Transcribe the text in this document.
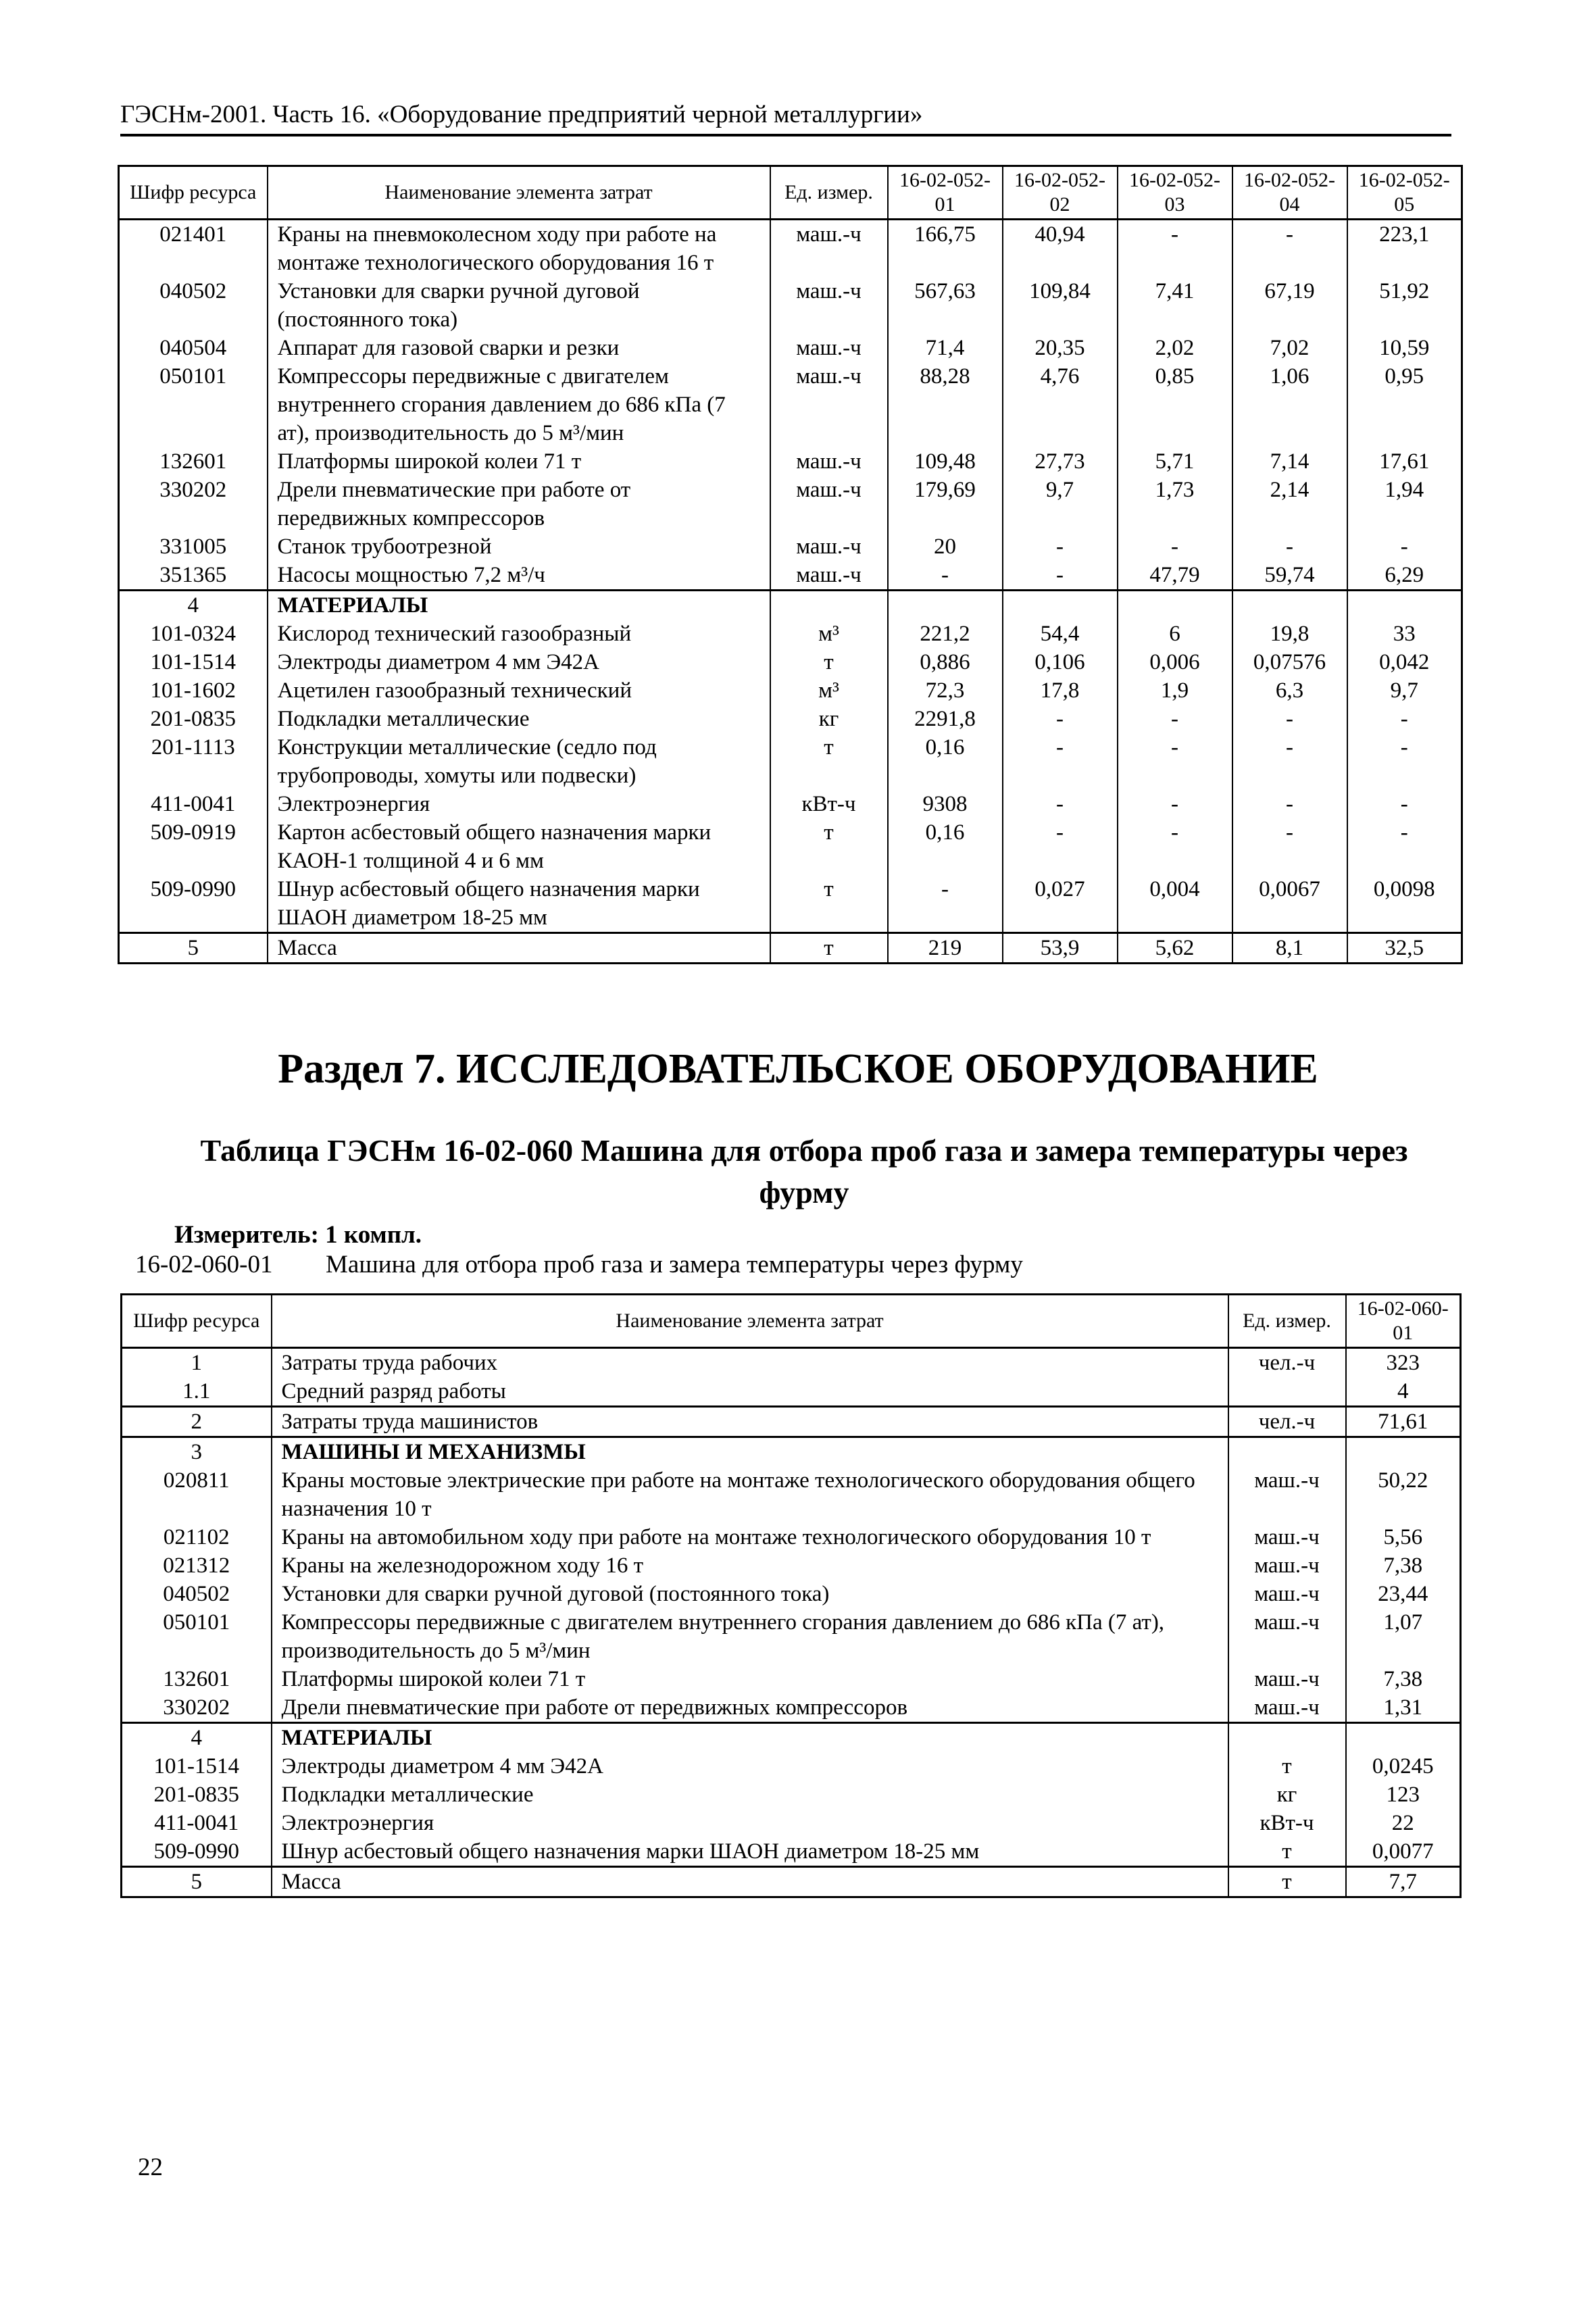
ГЭСНм-2001. Часть 16. «Оборудование предприятий черной металлургии»
Шифр ресурса	Наименование элемента затрат	Ед. измер.	16-02-052-01	16-02-052-02	16-02-052-03	16-02-052-04	16-02-052-05
021401	Краны на пневмоколесном ходу при работе на монтаже технологического оборудования 16 т	маш.-ч	166,75	40,94	-	-	223,1
040502	Установки для сварки ручной дуговой (постоянного тока)	маш.-ч	567,63	109,84	7,41	67,19	51,92
040504	Аппарат для газовой сварки и резки	маш.-ч	71,4	20,35	2,02	7,02	10,59
050101	Компрессоры передвижные с двигателем внутреннего сгорания давлением до 686 кПа (7 ат), производительность до 5 м³/мин	маш.-ч	88,28	4,76	0,85	1,06	0,95
132601	Платформы широкой колеи 71 т	маш.-ч	109,48	27,73	5,71	7,14	17,61
330202	Дрели пневматические при работе от передвижных компрессоров	маш.-ч	179,69	9,7	1,73	2,14	1,94
331005	Станок трубоотрезной	маш.-ч	20	-	-	-	-
351365	Насосы мощностью 7,2 м³/ч	маш.-ч	-	-	47,79	59,74	6,29
4	МАТЕРИАЛЫ						
101-0324	Кислород технический газообразный	м³	221,2	54,4	6	19,8	33
101-1514	Электроды диаметром 4 мм Э42А	т	0,886	0,106	0,006	0,07576	0,042
101-1602	Ацетилен газообразный технический	м³	72,3	17,8	1,9	6,3	9,7
201-0835	Подкладки металлические	кг	2291,8	-	-	-	-
201-1113	Конструкции металлические (седло под трубопроводы, хомуты или подвески)	т	0,16	-	-	-	-
411-0041	Электроэнергия	кВт-ч	9308	-	-	-	-
509-0919	Картон асбестовый общего назначения марки КАОН-1 толщиной 4 и 6 мм	т	0,16	-	-	-	-
509-0990	Шнур асбестовый общего назначения марки ШАОН диаметром 18-25 мм	т	-	0,027	0,004	0,0067	0,0098
5	Масса	т	219	53,9	5,62	8,1	32,5
Раздел 7. ИССЛЕДОВАТЕЛЬСКОЕ ОБОРУДОВАНИЕ
Таблица ГЭСНм 16-02-060 Машина для отбора проб газа и замера температуры через фурму
Измеритель: 1 компл.
16-02-060-01 Машина для отбора проб газа и замера температуры через фурму
Шифр ресурса	Наименование элемента затрат	Ед. измер.	16-02-060-01
1	Затраты труда рабочих	чел.-ч	323
1.1	Средний разряд работы		4
2	Затраты труда машинистов	чел.-ч	71,61
3	МАШИНЫ И МЕХАНИЗМЫ		
020811	Краны мостовые электрические при работе на монтаже технологического оборудования общего назначения 10 т	маш.-ч	50,22
021102	Краны на автомобильном ходу при работе на монтаже технологического оборудования 10 т	маш.-ч	5,56
021312	Краны на железнодорожном ходу 16 т	маш.-ч	7,38
040502	Установки для сварки ручной дуговой (постоянного тока)	маш.-ч	23,44
050101	Компрессоры передвижные с двигателем внутреннего сгорания давлением до 686 кПа (7 ат), производительность до 5 м³/мин	маш.-ч	1,07
132601	Платформы широкой колеи 71 т	маш.-ч	7,38
330202	Дрели пневматические при работе от передвижных компрессоров	маш.-ч	1,31
4	МАТЕРИАЛЫ		
101-1514	Электроды диаметром 4 мм Э42А	т	0,0245
201-0835	Подкладки металлические	кг	123
411-0041	Электроэнергия	кВт-ч	22
509-0990	Шнур асбестовый общего назначения марки ШАОН диаметром 18-25 мм	т	0,0077
5	Масса	т	7,7
22
